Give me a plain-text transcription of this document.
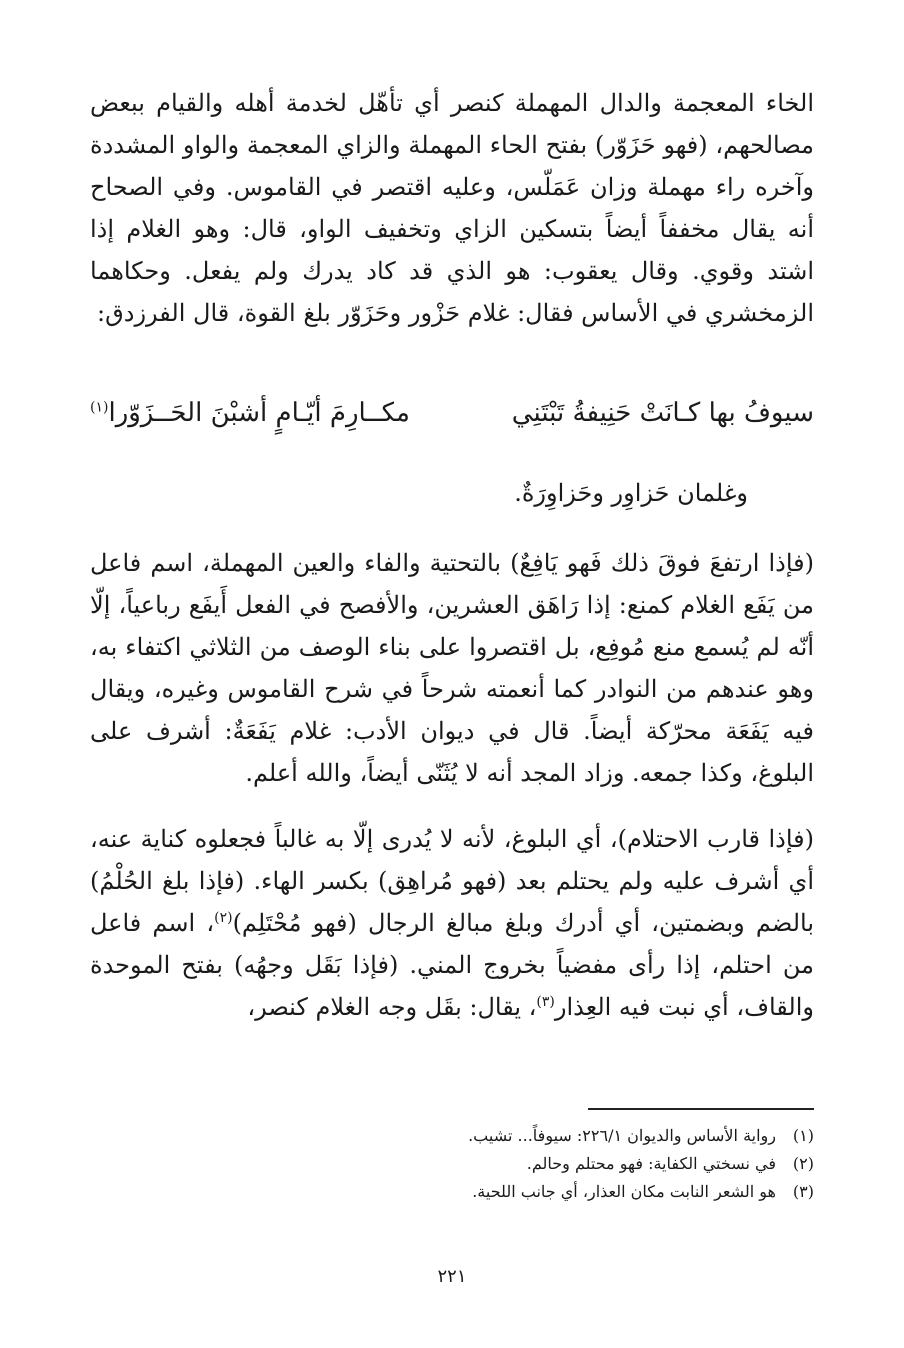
الخاء المعجمة والدال المهملة كنصر أي تأهّل لخدمة أهله والقيام ببعض مصالحهم، (فهو حَزَوّر) بفتح الحاء المهملة والزاي المعجمة والواو المشددة وآخره راء مهملة وزان عَمَلّس، وعليه اقتصر في القاموس. وفي الصحاح أنه يقال مخففاً أيضاً بتسكين الزاي وتخفيف الواو، قال: وهو الغلام إذا اشتد وقوي. وقال يعقوب: هو الذي قد كاد يدرك ولم يفعل. وحكاهما الزمخشري في الأساس فقال: غلام حَزْور وحَزَوّر بلغ القوة، قال الفرزدق:

سيوفُ بها كـانَتْ حَنِيفةُ تَبْتَنِي
مكــارِمَ أيّـامٍ أشبْنَ الحَــزَوّرا$^{(١)}$
وغلمان حَزاوِر وحَزاوِرَةٌ.

(فإذا ارتفعَ فوقَ ذلك فَهو يَافِعٌ) بالتحتية والفاء والعين المهملة، اسم فاعل من يَفَع الغلام كمنع: إذا رَاهَق العشرين، والأفصح في الفعل أَيفَع رباعياً، إلّا أنّه لم يُسمع منع مُوفِع، بل اقتصروا على بناء الوصف من الثلاثي اكتفاء به، وهو عندهم من النوادر كما أنعمته شرحاً في شرح القاموس وغيره، ويقال فيه يَفَعَة محرّكة أيضاً. قال في ديوان الأدب: غلام يَفَعَةٌ: أشرف على البلوغ، وكذا جمعه. وزاد المجد أنه لا يُثَنّى أيضاً، والله أعلم.

(فإذا قارب الاحتلام)، أي البلوغ، لأنه لا يُدرى إلّا به غالباً فجعلوه كناية عنه، أي أشرف عليه ولم يحتلم بعد (فهو مُراهِق) بكسر الهاء. (فإذا بلغ الحُلْمُ) بالضم وبضمتين، أي أدرك وبلغ مبالغ الرجال (فهو مُحْتَلِم)$^{(٢)}$، اسم فاعل من احتلم، إذا رأى مفضياً بخروج المني. (فإذا بَقَل وجهُه) بفتح الموحدة والقاف، أي نبت فيه العِذار$^{(٣)}$، يقال: بقَل وجه الغلام كنصر،

(١)رواية الأساس والديوان ٢٢٦/١: سيوفاً... تشيب.
(٢)في نسختي الكفاية: فهو محتلم وحالم.
(٣)هو الشعر النابت مكان العذار، أي جانب اللحية.
٢٢١
